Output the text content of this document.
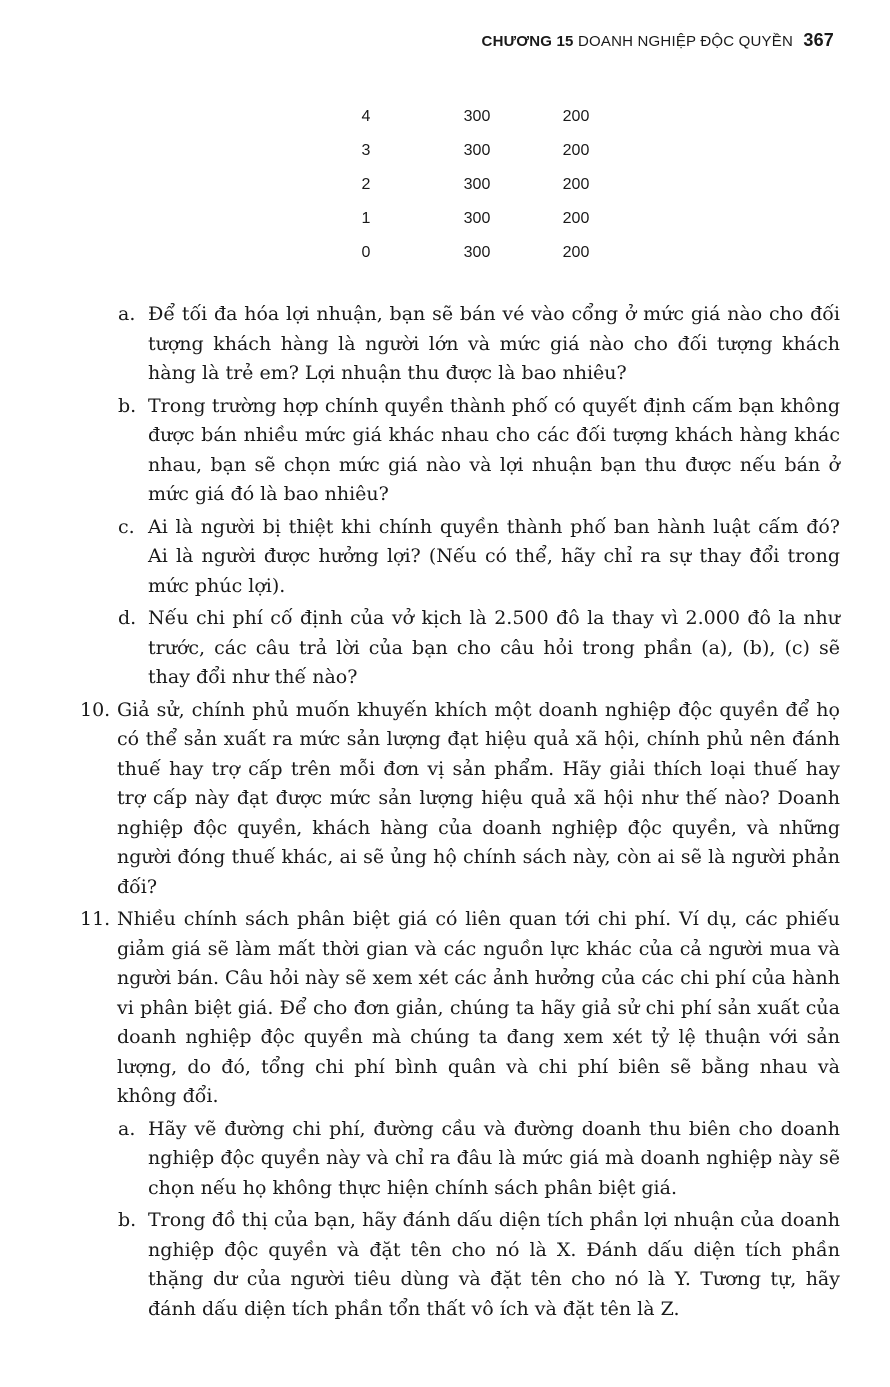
CHƯƠNG 15 DOANH NGHIỆP ĐỘC QUYỀN 367
4	300	200
3	300	200
2	300	200
1	300	200
0	300	200
a. Để tối đa hóa lợi nhuận, bạn sẽ bán vé vào cổng ở mức giá nào cho đối tượng khách hàng là người lớn và mức giá nào cho đối tượng khách hàng là trẻ em? Lợi nhuận thu được là bao nhiêu?
b. Trong trường hợp chính quyền thành phố có quyết định cấm bạn không được bán nhiều mức giá khác nhau cho các đối tượng khách hàng khác nhau, bạn sẽ chọn mức giá nào và lợi nhuận bạn thu được nếu bán ở mức giá đó là bao nhiêu?
c. Ai là người bị thiệt khi chính quyền thành phố ban hành luật cấm đó? Ai là người được hưởng lợi? (Nếu có thể, hãy chỉ ra sự thay đổi trong mức phúc lợi).
d. Nếu chi phí cố định của vở kịch là 2.500 đô la thay vì 2.000 đô la như trước, các câu trả lời của bạn cho câu hỏi trong phần (a), (b), (c) sẽ thay đổi như thế nào?
10. Giả sử, chính phủ muốn khuyến khích một doanh nghiệp độc quyền để họ có thể sản xuất ra mức sản lượng đạt hiệu quả xã hội, chính phủ nên đánh thuế hay trợ cấp trên mỗi đơn vị sản phẩm. Hãy giải thích loại thuế hay trợ cấp này đạt được mức sản lượng hiệu quả xã hội như thế nào? Doanh nghiệp độc quyền, khách hàng của doanh nghiệp độc quyền, và những người đóng thuế khác, ai sẽ ủng hộ chính sách này, còn ai sẽ là người phản đối?
11. Nhiều chính sách phân biệt giá có liên quan tới chi phí. Ví dụ, các phiếu giảm giá sẽ làm mất thời gian và các nguồn lực khác của cả người mua và người bán. Câu hỏi này sẽ xem xét các ảnh hưởng của các chi phí của hành vi phân biệt giá. Để cho đơn giản, chúng ta hãy giả sử chi phí sản xuất của doanh nghiệp độc quyền mà chúng ta đang xem xét tỷ lệ thuận với sản lượng, do đó, tổng chi phí bình quân và chi phí biên sẽ bằng nhau và không đổi.
a. Hãy vẽ đường chi phí, đường cầu và đường doanh thu biên cho doanh nghiệp độc quyền này và chỉ ra đâu là mức giá mà doanh nghiệp này sẽ chọn nếu họ không thực hiện chính sách phân biệt giá.
b. Trong đồ thị của bạn, hãy đánh dấu diện tích phần lợi nhuận của doanh nghiệp độc quyền và đặt tên cho nó là X. Đánh dấu diện tích phần thặng dư của người tiêu dùng và đặt tên cho nó là Y. Tương tự, hãy đánh dấu diện tích phần tổn thất vô ích và đặt tên là Z.
